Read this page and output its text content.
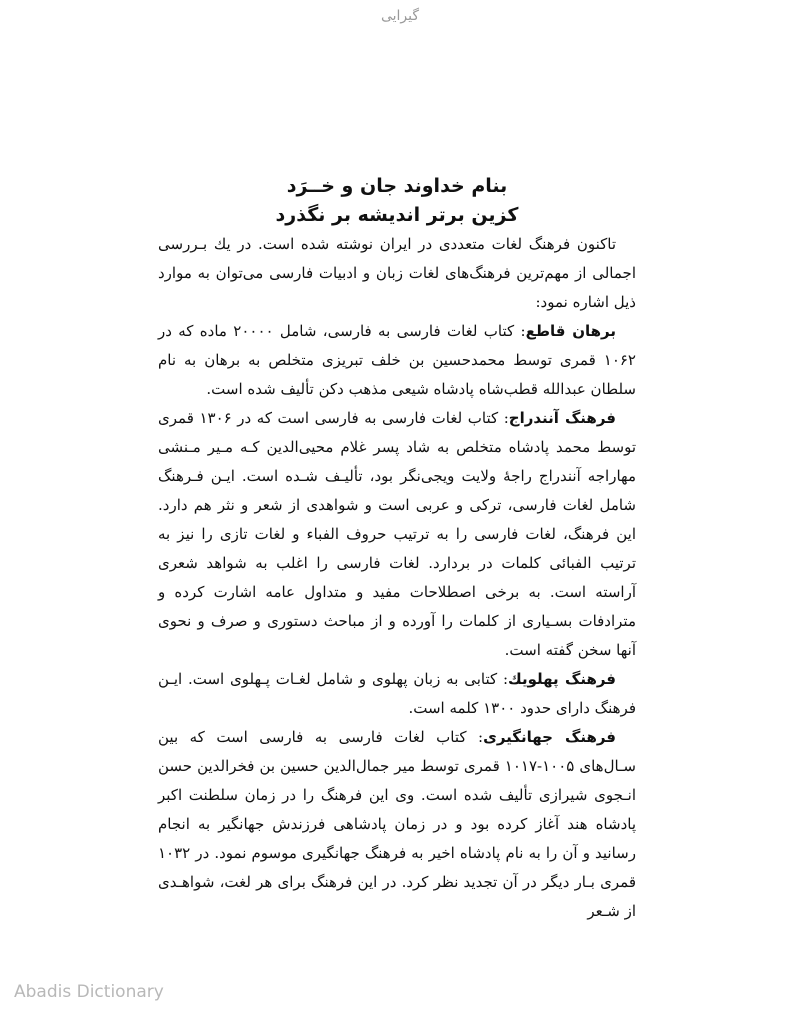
گیرایی
بنام خداوند جان و خــرَد
کزین برتر اندیشه بر نگذرد

تاکنون فرهنگ لغات متعددی در ایران نوشته شده است. در یك بـررسی اجمالی از مهم‌ترین فرهنگ‌های لغات زبان و ادبیات فارسی می‌توان به موارد ذیل اشاره نمود:

برهان قاطع: کتاب لغات فارسی به فارسی، شامل ۲۰۰۰۰ ماده که در ۱۰۶۲ قمری توسط محمدحسین بن خلف تبریزی متخلص به برهان به نام سلطان عبدالله قطب‌شاه پادشاه شیعی مذهب دکن تألیف شده است.

فرهنگ آنندراج: کتاب لغات فارسی به فارسی است که در ۱۳۰۶ قمری توسط محمد پادشاه متخلص به شاد پسر غلام محیی‌الدین کـه مـیر مـنشی مهاراجه آنندراج راجهٔ ولایت ویجی‌نگر بود، تألیـف شـده است. ایـن فـرهنگ شامل لغات فارسی، ترکی و عربی است و شواهدی از شعر و نثر هم دارد. این فرهنگ، لغات فارسی را به ترتیب حروف الفباء و لغات تازی را نیز به ترتیب الفبائی کلمات در بردارد. لغات فارسی را اغلب به شواهد شعری آراسته است. به برخی اصطلاحات مفید و متداول عامه اشارت کرده و مترادفات بسـیاری از کلمات را آورده و از مباحث دستوری و صرف و نحوی آنها سخن گفته است.

فرهنگ پهلویك: کتابی به زبان پهلوی و شامل لغـات پـهلوی است. ایـن فرهنگ دارای حدود ۱۳۰۰ کلمه است.

فرهنگ جهانگیری: کتاب لغات فارسی به فارسی است که بین سـال‌های ۱۰۰۵-۱۰۱۷ قمری توسط میر جمال‌الدین حسین بن فخرالدین حسن انـجوی شیرازی تألیف شده است. وی این فرهنگ را در زمان سلطنت اکبر پادشاه هند آغاز کرده بود و در زمان پادشاهی فرزندش جهانگیر به انجام رسانید و آن را به نام پادشاه اخیر به فرهنگ جهانگیری موسوم نمود. در ۱۰۳۲ قمری بـار دیگر در آن تجدید نظر کرد. در این فرهنگ برای هر لغت، شواهـدی از شـعر

Abadis Dictionary
